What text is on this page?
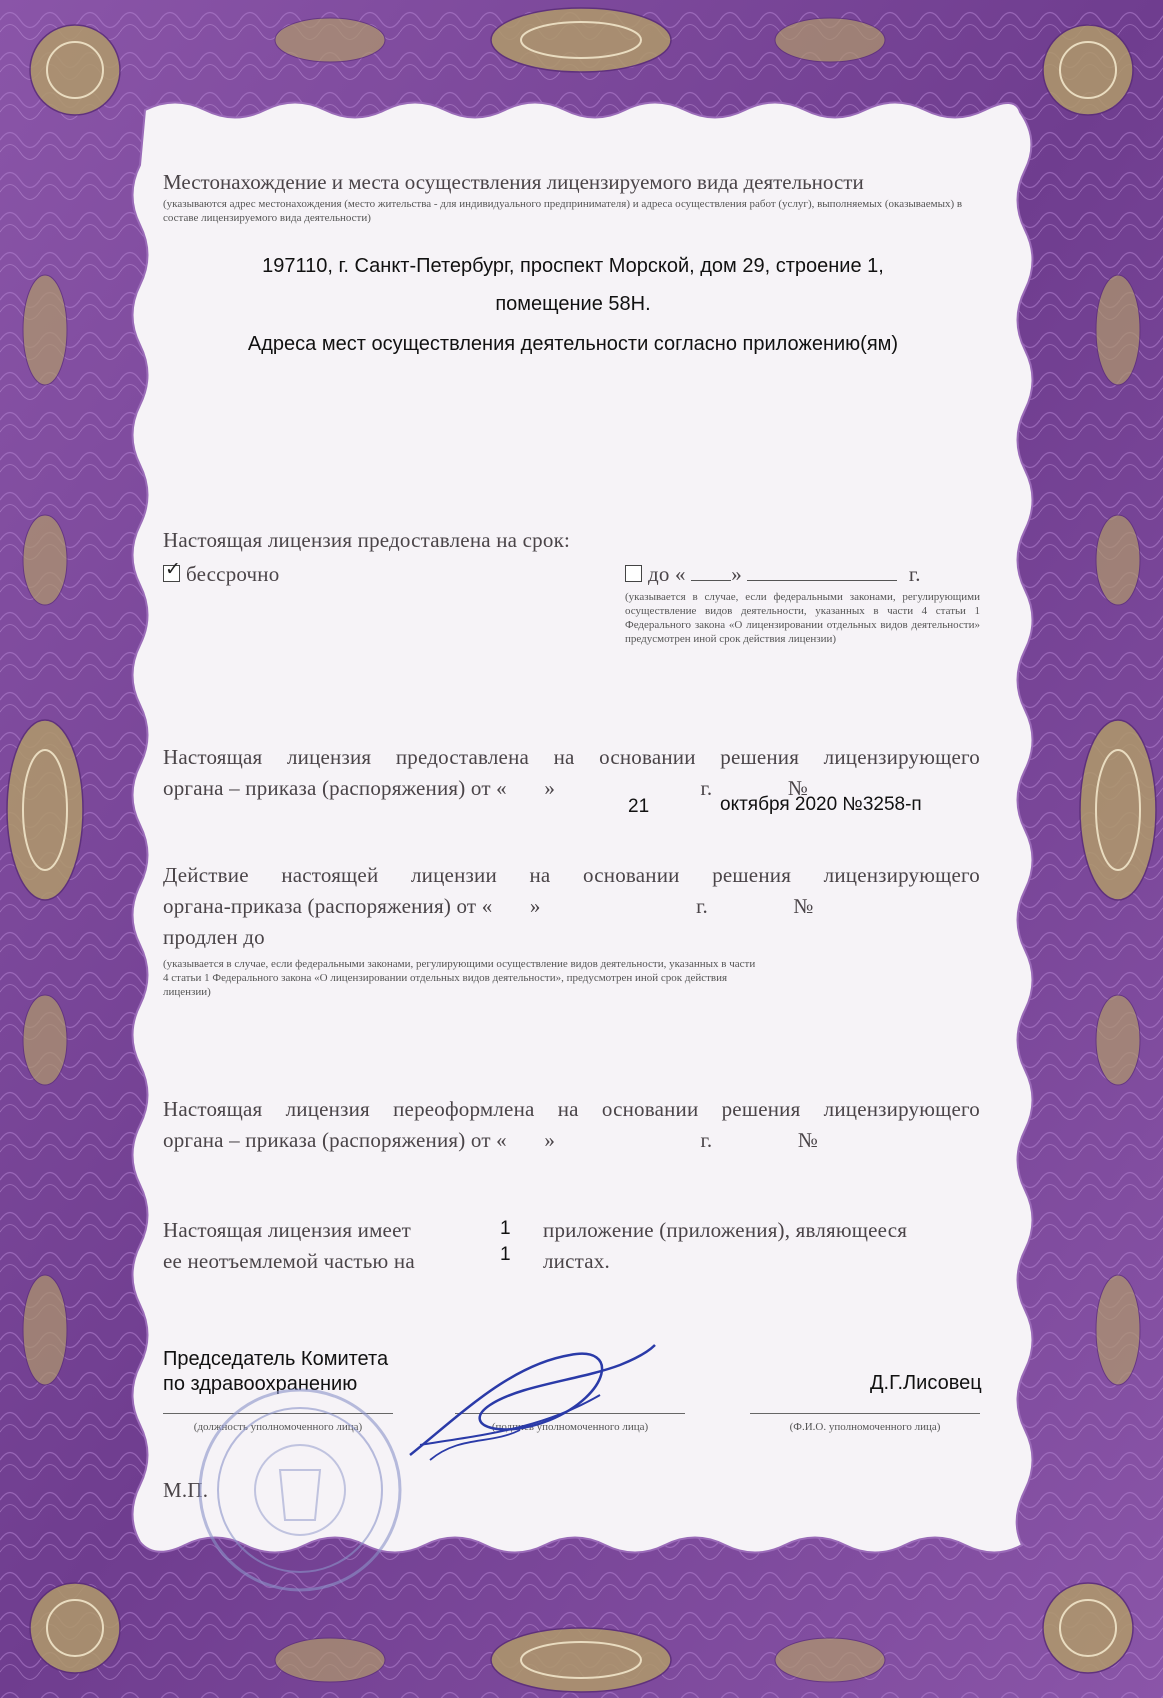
Местонахождение и места осуществления лицензируемого вида деятельности
(указываются адрес местонахождения (место жительства - для индивидуального предпринимателя) и адреса осуществления работ (услуг), выполняемых (оказываемых) в составе лицензируемого вида деятельности)
197110, г. Санкт-Петербург, проспект Морской, дом 29, строение 1,
помещение 58Н.
Адреса мест осуществления деятельности согласно приложению(ям)
Настоящая лицензия предоставлена на срок:
✓ бессрочно	до « »	г.
(указывается в случае, если федеральными законами, регулирующими осуществление видов деятельности, указанных в части 4 статьи 1 Федерального закона «О лицензировании отдельных видов деятельности» предусмотрен иной срок действия лицензии)
Настоящая лицензия предоставлена на основании решения лицензирующего
органа – приказа (распоряжения) от « »	г.	№
21	октября 2020 №3258-п
Действие настоящей лицензии на основании решения лицензирующего
органа-приказа (распоряжения) от « »	г.	№
продлен до
(указывается в случае, если федеральными законами, регулирующими осуществление видов деятельности, указанных в части 4 статьи 1 Федерального закона «О лицензировании отдельных видов деятельности», предусмотрен иной срок действия лицензии)
Настоящая лицензия переоформлена на основании решения лицензирующего
органа – приказа (распоряжения) от « »	г.	№
Настоящая лицензия имеет	1 приложение (приложения), являющееся
ее неотъемлемой частью на	1 листах.
Председатель Комитета
по здравоохранению	Д.Г.Лисовец
(должность уполномоченного лица)	(подпись уполномоченного лица)	(Ф.И.О. уполномоченного лица)
М.П.
